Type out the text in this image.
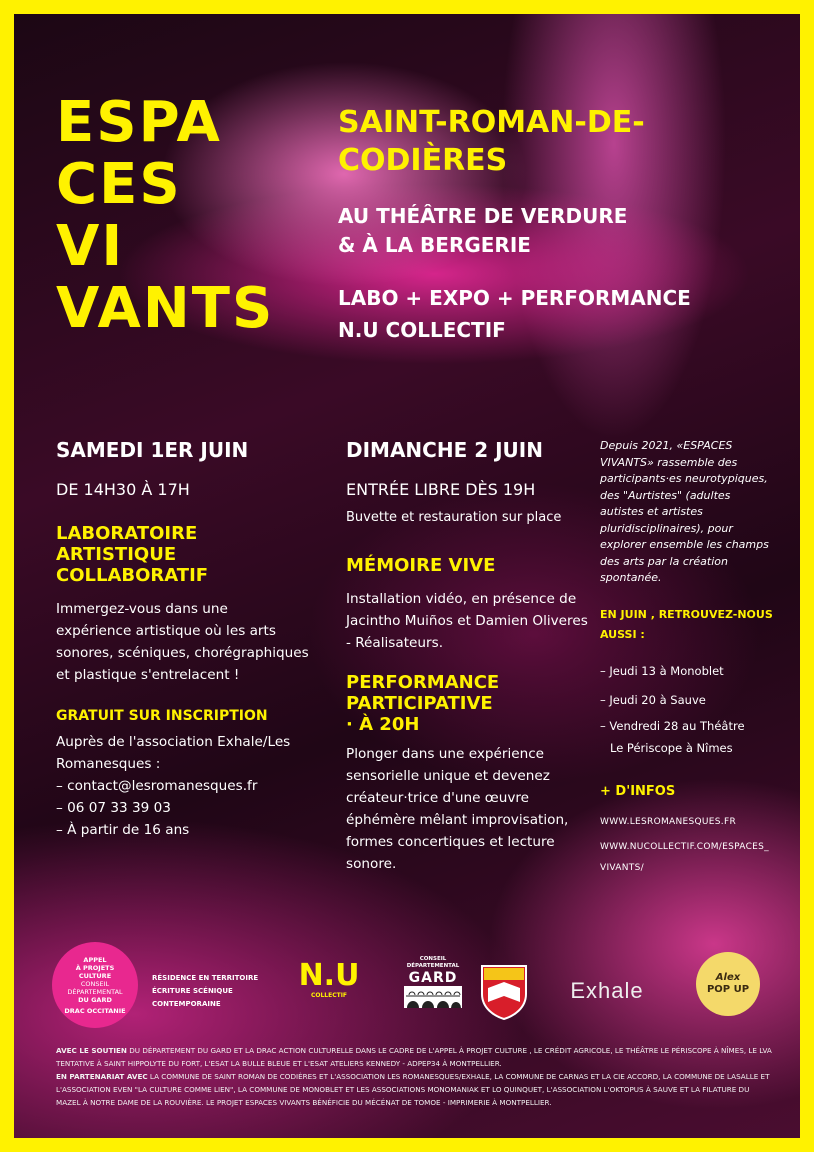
ESPA
CES
VI
VANTS
SAINT-ROMAN-DE-
CODIÈRES
AU THÉÂTRE DE VERDURE
& À LA BERGERIE
LABO + EXPO + PERFORMANCE
N.U COLLECTIF
SAMEDI 1ER JUIN
DE 14H30 À 17H
LABORATOIRE
ARTISTIQUE
COLLABORATIF
Immergez-vous dans une
expérience artistique où les arts
sonores, scéniques, chorégraphiques
et plastique s'entrelacent !
GRATUIT SUR INSCRIPTION
Auprès de l'association Exhale/Les
Romanesques :
– contact@lesromanesques.fr
– 06 07 33 39 03
– À partir de 16 ans
DIMANCHE 2 JUIN
ENTRÉE LIBRE DÈS 19H
Buvette et restauration sur place
MÉMOIRE VIVE
Installation vidéo, en présence de
Jacintho Muiños et Damien Oliveres
- Réalisateurs.
PERFORMANCE
PARTICIPATIVE
· À 20H
Plonger dans une expérience
sensorielle unique et devenez
créateur·trice d'une œuvre
éphémère mêlant improvisation,
formes concertiques et lecture
sonore.
Depuis 2021, «ESPACES
VIVANTS» rassemble des
participants·es neurotypiques,
des "Aurtistes" (adultes
autistes et artistes
pluridisciplinaires), pour
explorer ensemble les champs
des arts par la création
spontanée.
EN JUIN , RETROUVEZ-NOUS
AUSSI :
– Jeudi 13 à Monoblet
– Jeudi 20 à Sauve
– Vendredi 28 au Théâtre
Le Périscope à Nîmes
+ D'INFOS
WWW.LESROMANESQUES.FR
WWW.NUCOLLECTIF.COM/ESPACES_
VIVANTS/
APPEL
À PROJETS
CULTURE
CONSEIL
DÉPARTEMENTAL
DU GARD
DRAC OCCITANIE
RÉSIDENCE EN TERRITOIRE
ÉCRITURE SCÉNIQUE CONTEMPORAINE
N.U
COLLECTIF
CONSEIL
DÉPARTEMENTAL
GARD	Exhale
Alex
POP UP
AVEC LE SOUTIEN DU DÉPARTEMENT DU GARD ET LA DRAC ACTION CULTURELLE DANS LE CADRE DE L'APPEL À PROJET CULTURE , LE CRÉDIT AGRICOLE, LE THÉÂTRE LE PÉRISCOPE À NÎMES, LE LVA TENTATIVE À SAINT HIPPOLYTE DU FORT, L'ESAT LA BULLE BLEUE ET L'ESAT ATELIERS KENNEDY - ADPEP34 À MONTPELLIER.
EN PARTENARIAT AVEC LA COMMUNE DE SAINT ROMAN DE CODIÈRES ET L'ASSOCIATION LES ROMANESQUES/EXHALE, LA COMMUNE DE CARNAS ET LA CIE ACCORD, LA COMMUNE DE LASALLE ET L'ASSOCIATION EVEN "LA CULTURE COMME LIEN", LA COMMUNE DE MONOBLET ET LES ASSOCIATIONS MONOMANIAK ET LO QUINQUET, L'ASSOCIATION L'OKTOPUS À SAUVE ET LA FILATURE DU MAZEL À NOTRE DAME DE LA ROUVIÈRE. LE PROJET ESPACES VIVANTS BÉNÉFICIE DU MÉCÉNAT DE TOMOE - IMPRIMERIE À MONTPELLIER.
